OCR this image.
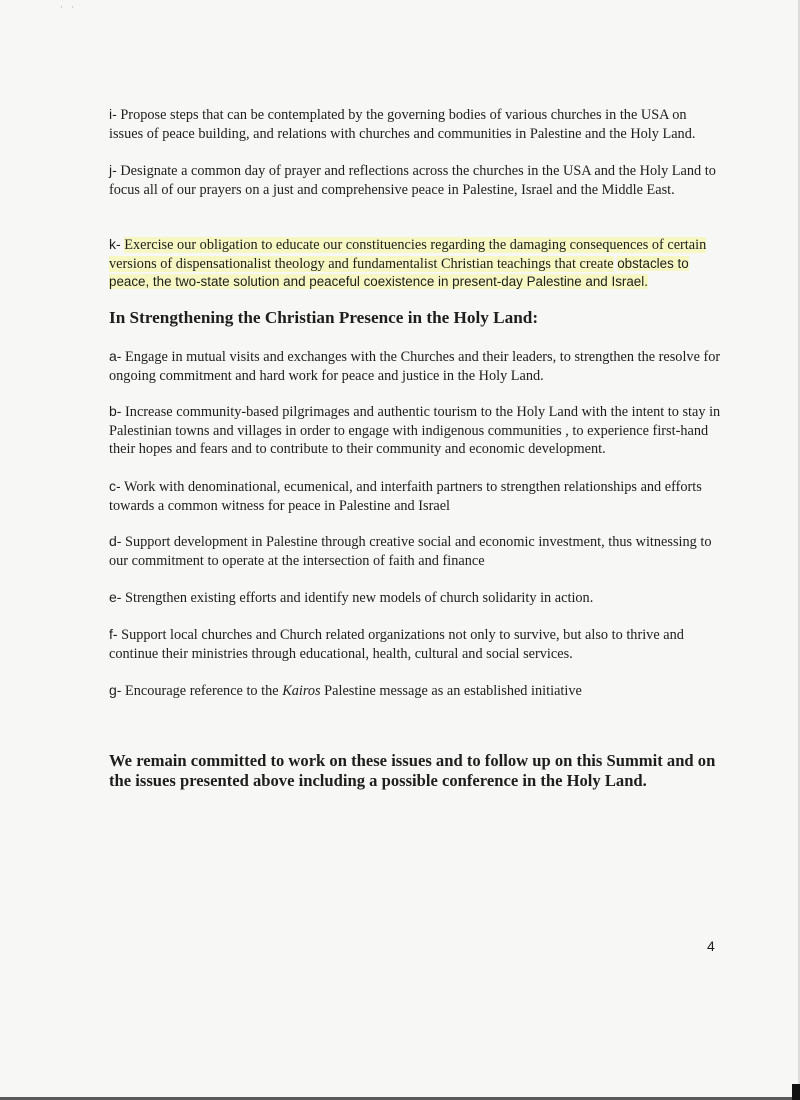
· ·

i- Propose steps that can be contemplated by the governing bodies of various churches in the USA on issues of peace building, and relations with churches and communities in Palestine and the Holy Land.

j- Designate a common day of prayer and reflections across the churches in the USA and the Holy Land to focus all of our prayers on a just and comprehensive peace in Palestine, Israel and the Middle East.

k- Exercise our obligation to educate our constituencies regarding the damaging consequences of certain versions of dispensationalist theology and fundamentalist Christian teachings that create obstacles to peace, the two-state solution and peaceful coexistence in present-day Palestine and Israel.

In Strengthening the Christian Presence in the Holy Land:

a- Engage in mutual visits and exchanges with the Churches and their leaders, to strengthen the resolve for ongoing commitment and hard work for peace and justice in the Holy Land.

b- Increase community-based pilgrimages and authentic tourism to the Holy Land with the intent to stay in Palestinian towns and villages in order to engage with indigenous communities , to experience first-hand their hopes and fears and to contribute to their community and economic development.

c- Work with denominational, ecumenical, and interfaith partners to strengthen relationships and efforts towards a common witness for peace in Palestine and Israel

d- Support development in Palestine through creative social and economic investment, thus witnessing to our commitment to operate at the intersection of faith and finance

e- Strengthen existing efforts and identify new models of church solidarity in action.

f- Support local churches and Church related organizations not only to survive, but also to thrive and continue their ministries through educational, health, cultural and social services.

g- Encourage reference to the Kairos Palestine message as an established initiative

We remain committed to work on these issues and to follow up on this Summit and on the issues presented above including a possible conference in the Holy Land.

4
